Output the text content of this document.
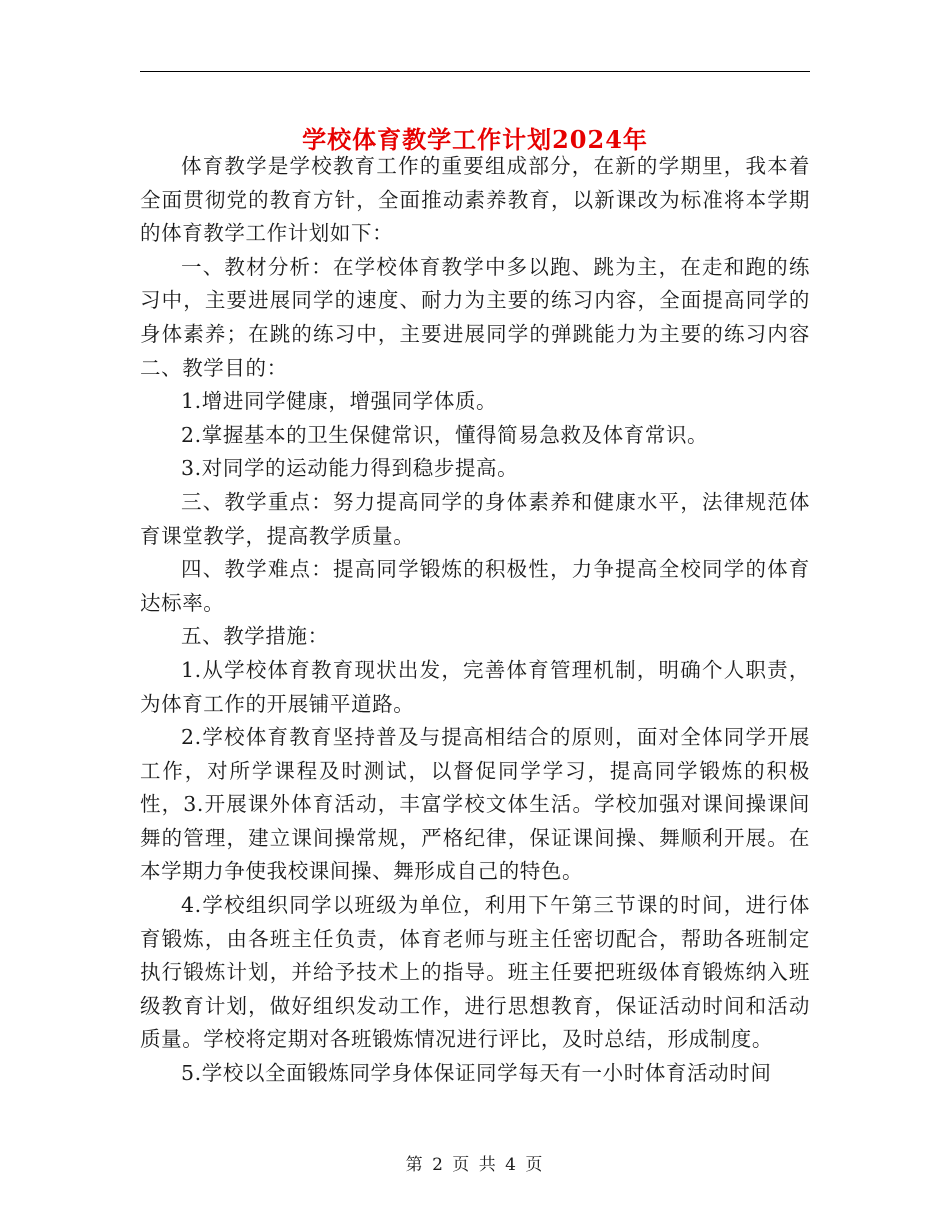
学校体育教学工作计划2024年

体育教学是学校教育工作的重要组成部分，在新的学期里，我本着全面贯彻党的教育方针，全面推动素养教育，以新课改为标准将本学期的体育教学工作计划如下：

一、教材分析：在学校体育教学中多以跑、跳为主，在走和跑的练习中，主要进展同学的速度、耐力为主要的练习内容，全面提高同学的身体素养；在跳的练习中，主要进展同学的弹跳能力为主要的练习内容二、教学目的：

1.增进同学健康，增强同学体质。

2.掌握基本的卫生保健常识，懂得简易急救及体育常识。

3.对同学的运动能力得到稳步提高。

三、教学重点：努力提高同学的身体素养和健康水平，法律规范体育课堂教学，提高教学质量。

四、教学难点：提高同学锻炼的积极性，力争提高全校同学的体育达标率。

五、教学措施：

1.从学校体育教育现状出发，完善体育管理机制，明确个人职责，为体育工作的开展铺平道路。

2.学校体育教育坚持普及与提高相结合的原则，面对全体同学开展工作，对所学课程及时测试，以督促同学学习，提高同学锻炼的积极性，3.开展课外体育活动，丰富学校文体生活。学校加强对课间操课间舞的管理，建立课间操常规，严格纪律，保证课间操、舞顺利开展。在本学期力争使我校课间操、舞形成自己的特色。

4.学校组织同学以班级为单位，利用下午第三节课的时间，进行体育锻炼，由各班主任负责，体育老师与班主任密切配合，帮助各班制定执行锻炼计划，并给予技术上的指导。班主任要把班级体育锻炼纳入班级教育计划，做好组织发动工作，进行思想教育，保证活动时间和活动质量。学校将定期对各班锻炼情况进行评比，及时总结，形成制度。

5.学校以全面锻炼同学身体保证同学每天有一小时体育活动时间

第 2 页 共 4 页
